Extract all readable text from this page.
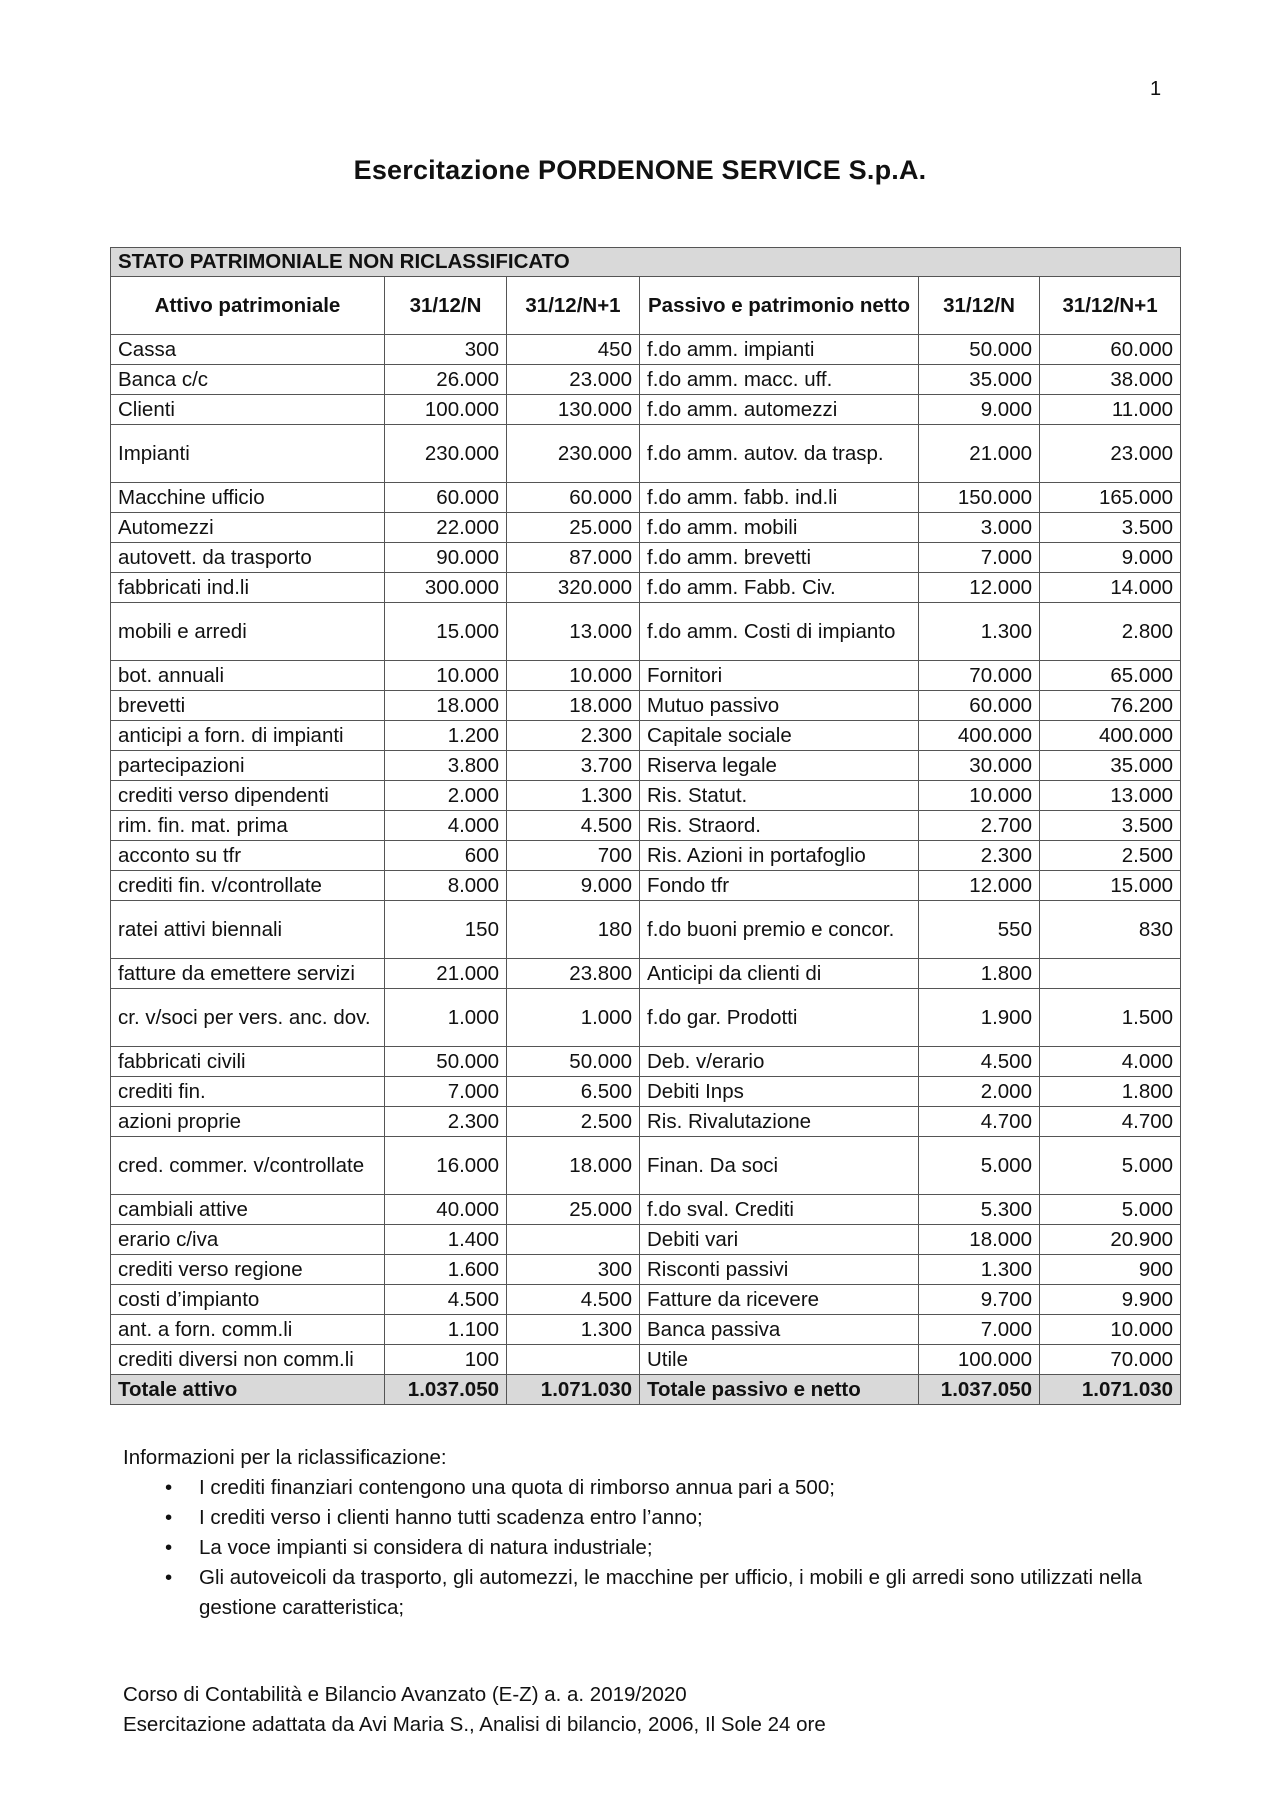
1
Esercitazione PORDENONE SERVICE S.p.A.
STATO PATRIMONIALE NON RICLASSIFICATO					
Attivo patrimoniale	31/12/N	31/12/N+1	Passivo e patrimonio netto	31/12/N	31/12/N+1
Cassa	300	450	f.do amm. impianti	50.000	60.000
Banca c/c	26.000	23.000	f.do amm. macc. uff.	35.000	38.000
Clienti	100.000	130.000	f.do amm. automezzi	9.000	11.000
Impianti	230.000	230.000	f.do amm. autov. da trasp.	21.000	23.000
Macchine ufficio	60.000	60.000	f.do amm. fabb. ind.li	150.000	165.000
Automezzi	22.000	25.000	f.do amm. mobili	3.000	3.500
autovett. da trasporto	90.000	87.000	f.do amm. brevetti	7.000	9.000
fabbricati ind.li	300.000	320.000	f.do amm. Fabb. Civ.	12.000	14.000
mobili e arredi	15.000	13.000	f.do amm. Costi di impianto	1.300	2.800
bot. annuali	10.000	10.000	Fornitori	70.000	65.000
brevetti	18.000	18.000	Mutuo passivo	60.000	76.200
anticipi a forn. di impianti	1.200	2.300	Capitale sociale	400.000	400.000
partecipazioni	3.800	3.700	Riserva legale	30.000	35.000
crediti verso dipendenti	2.000	1.300	Ris. Statut.	10.000	13.000
rim. fin. mat. prima	4.000	4.500	Ris. Straord.	2.700	3.500
acconto su tfr	600	700	Ris. Azioni in portafoglio	2.300	2.500
crediti fin. v/controllate	8.000	9.000	Fondo tfr	12.000	15.000
ratei attivi biennali	150	180	f.do buoni premio e concor.	550	830
fatture da emettere servizi	21.000	23.800	Anticipi da clienti di	1.800	
cr. v/soci per vers. anc. dov.	1.000	1.000	f.do gar. Prodotti	1.900	1.500
fabbricati civili	50.000	50.000	Deb. v/erario	4.500	4.000
crediti fin.	7.000	6.500	Debiti Inps	2.000	1.800
azioni proprie	2.300	2.500	Ris. Rivalutazione	4.700	4.700
cred. commer. v/controllate	16.000	18.000	Finan. Da soci	5.000	5.000
cambiali attive	40.000	25.000	f.do sval. Crediti	5.300	5.000
erario c/iva	1.400		Debiti vari	18.000	20.900
crediti verso regione	1.600	300	Risconti passivi	1.300	900
costi d’impianto	4.500	4.500	Fatture da ricevere	9.700	9.900
ant. a forn. comm.li	1.100	1.300	Banca passiva	7.000	10.000
crediti diversi non comm.li	100		Utile	100.000	70.000
Totale attivo	1.037.050	1.071.030	Totale passivo e netto	1.037.050	1.071.030
Informazioni per la riclassificazione:
• I crediti finanziari contengono una quota di rimborso annua pari a 500;
• I crediti verso i clienti hanno tutti scadenza entro l’anno;
• La voce impianti si considera di natura industriale;
• Gli autoveicoli da trasporto, gli automezzi, le macchine per ufficio, i mobili e gli arredi sono utilizzati nella gestione caratteristica;
Corso di Contabilità e Bilancio Avanzato (E-Z) a. a. 2019/2020
Esercitazione adattata da Avi Maria S., Analisi di bilancio, 2006, Il Sole 24 ore
